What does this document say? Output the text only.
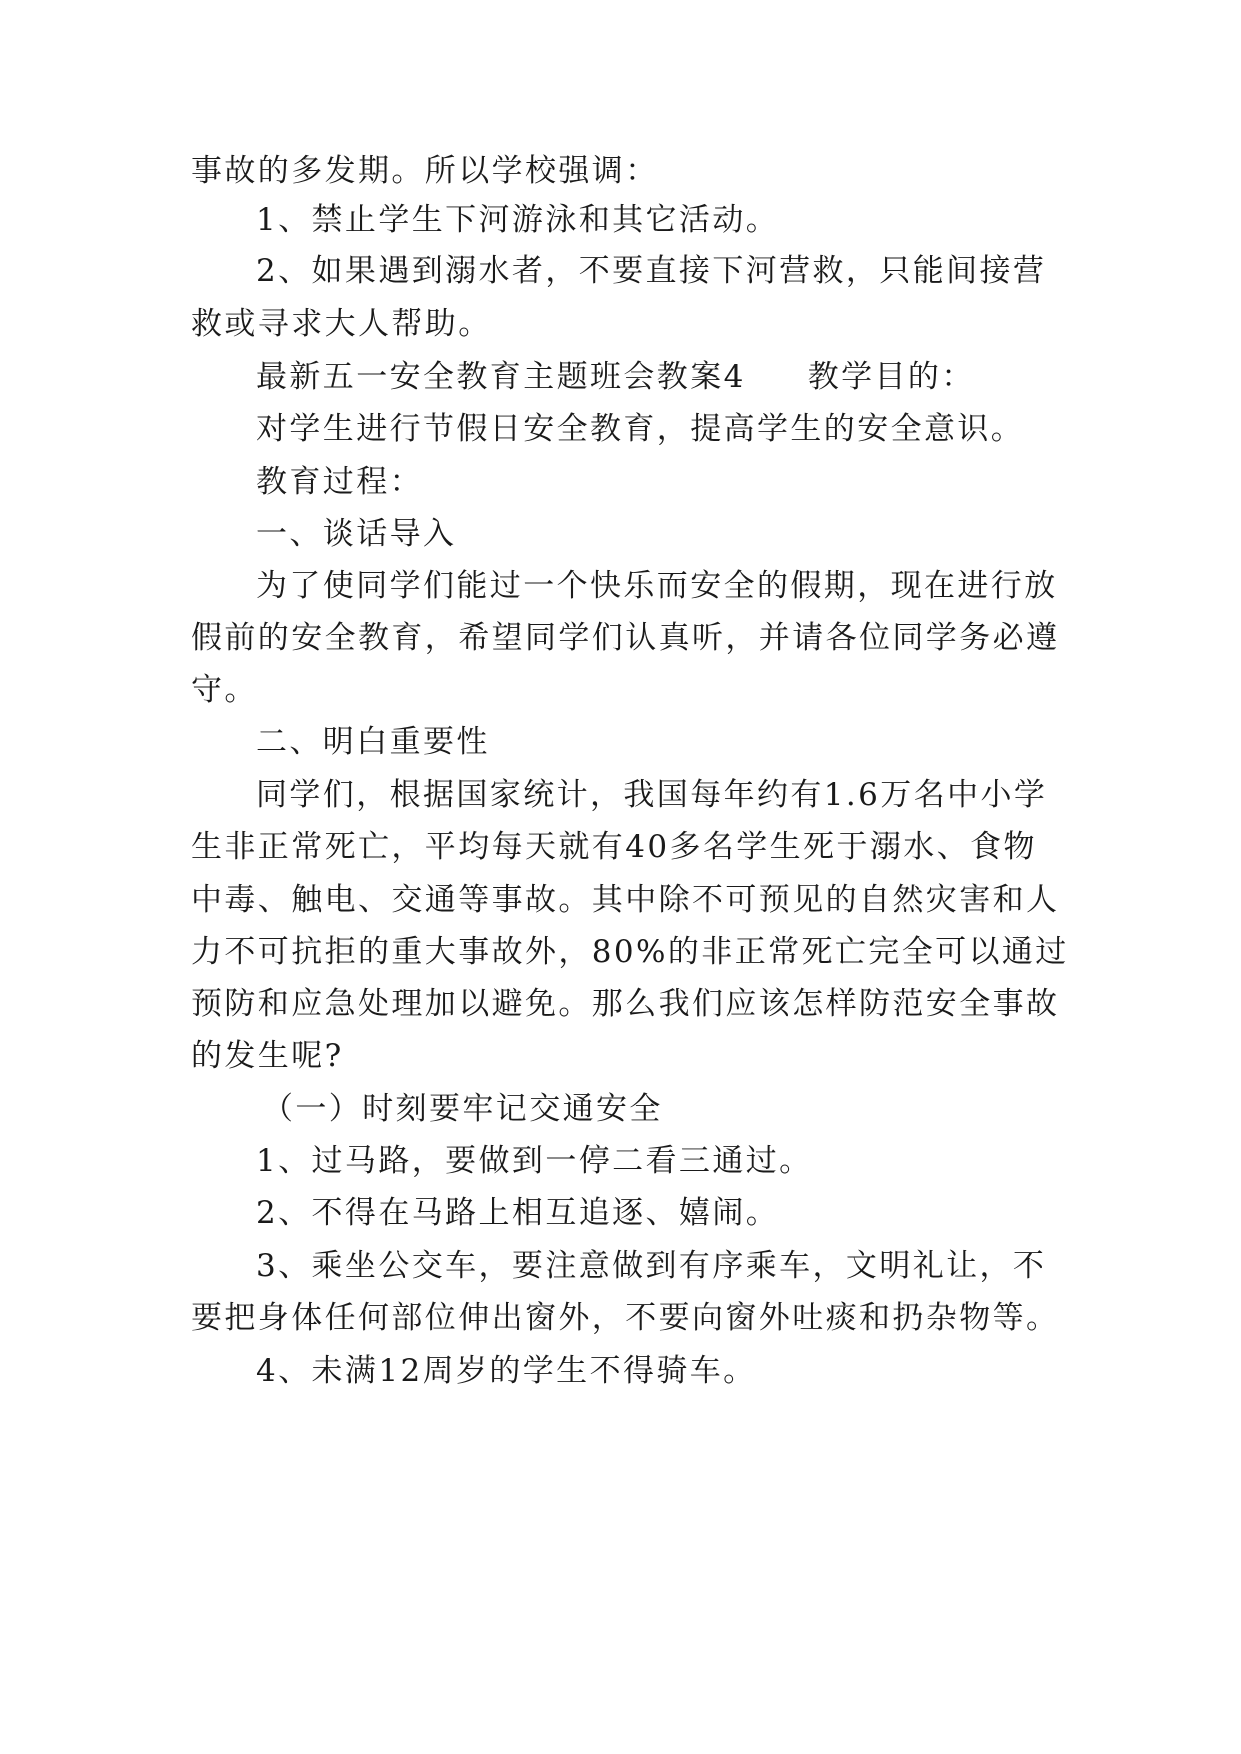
事故的多发期。所以学校强调：
1、禁止学生下河游泳和其它活动。
2、如果遇到溺水者，不要直接下河营救，只能间接营
救或寻求大人帮助。
最新五一安全教育主题班会教案4 教学目的：
对学生进行节假日安全教育，提高学生的安全意识。
教育过程：
一、谈话导入
为了使同学们能过一个快乐而安全的假期，现在进行放
假前的安全教育，希望同学们认真听，并请各位同学务必遵
守。
二、明白重要性
同学们，根据国家统计，我国每年约有1.6万名中小学
生非正常死亡，平均每天就有40多名学生死于溺水、食物
中毒、触电、交通等事故。其中除不可预见的自然灾害和人
力不可抗拒的重大事故外，80%的非正常死亡完全可以通过
预防和应急处理加以避免。那么我们应该怎样防范安全事故
的发生呢?
（一）时刻要牢记交通安全
1、过马路，要做到一停二看三通过。
2、不得在马路上相互追逐、嬉闹。
3、乘坐公交车，要注意做到有序乘车，文明礼让，不
要把身体任何部位伸出窗外，不要向窗外吐痰和扔杂物等。
4、未满12周岁的学生不得骑车。
